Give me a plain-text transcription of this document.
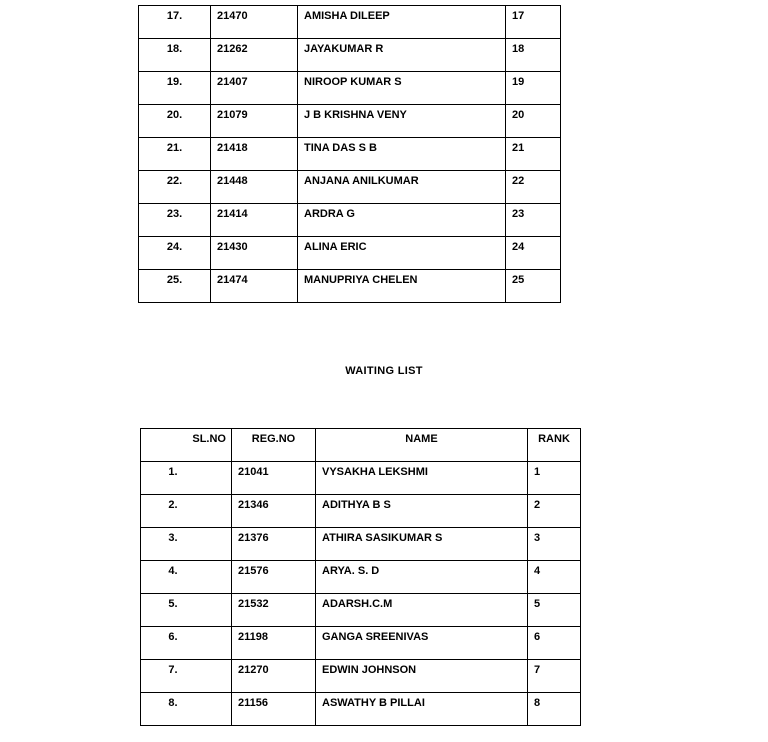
17.	21470	AMISHA DILEEP	17
18.	21262	JAYAKUMAR R	18
19.	21407	NIROOP KUMAR S	19
20.	21079	J B KRISHNA VENY	20
21.	21418	TINA DAS S B	21
22.	21448	ANJANA ANILKUMAR	22
23.	21414	ARDRA G	23
24.	21430	ALINA ERIC	24
25.	21474	MANUPRIYA CHELEN	25
WAITING LIST
SL.NO	REG.NO	NAME	RANK
1.	21041	VYSAKHA LEKSHMI	1
2.	21346	ADITHYA B S	2
3.	21376	ATHIRA SASIKUMAR S	3
4.	21576	ARYA. S. D	4
5.	21532	ADARSH.C.M	5
6.	21198	GANGA SREENIVAS	6
7.	21270	EDWIN JOHNSON	7
8.	21156	ASWATHY B PILLAI	8
